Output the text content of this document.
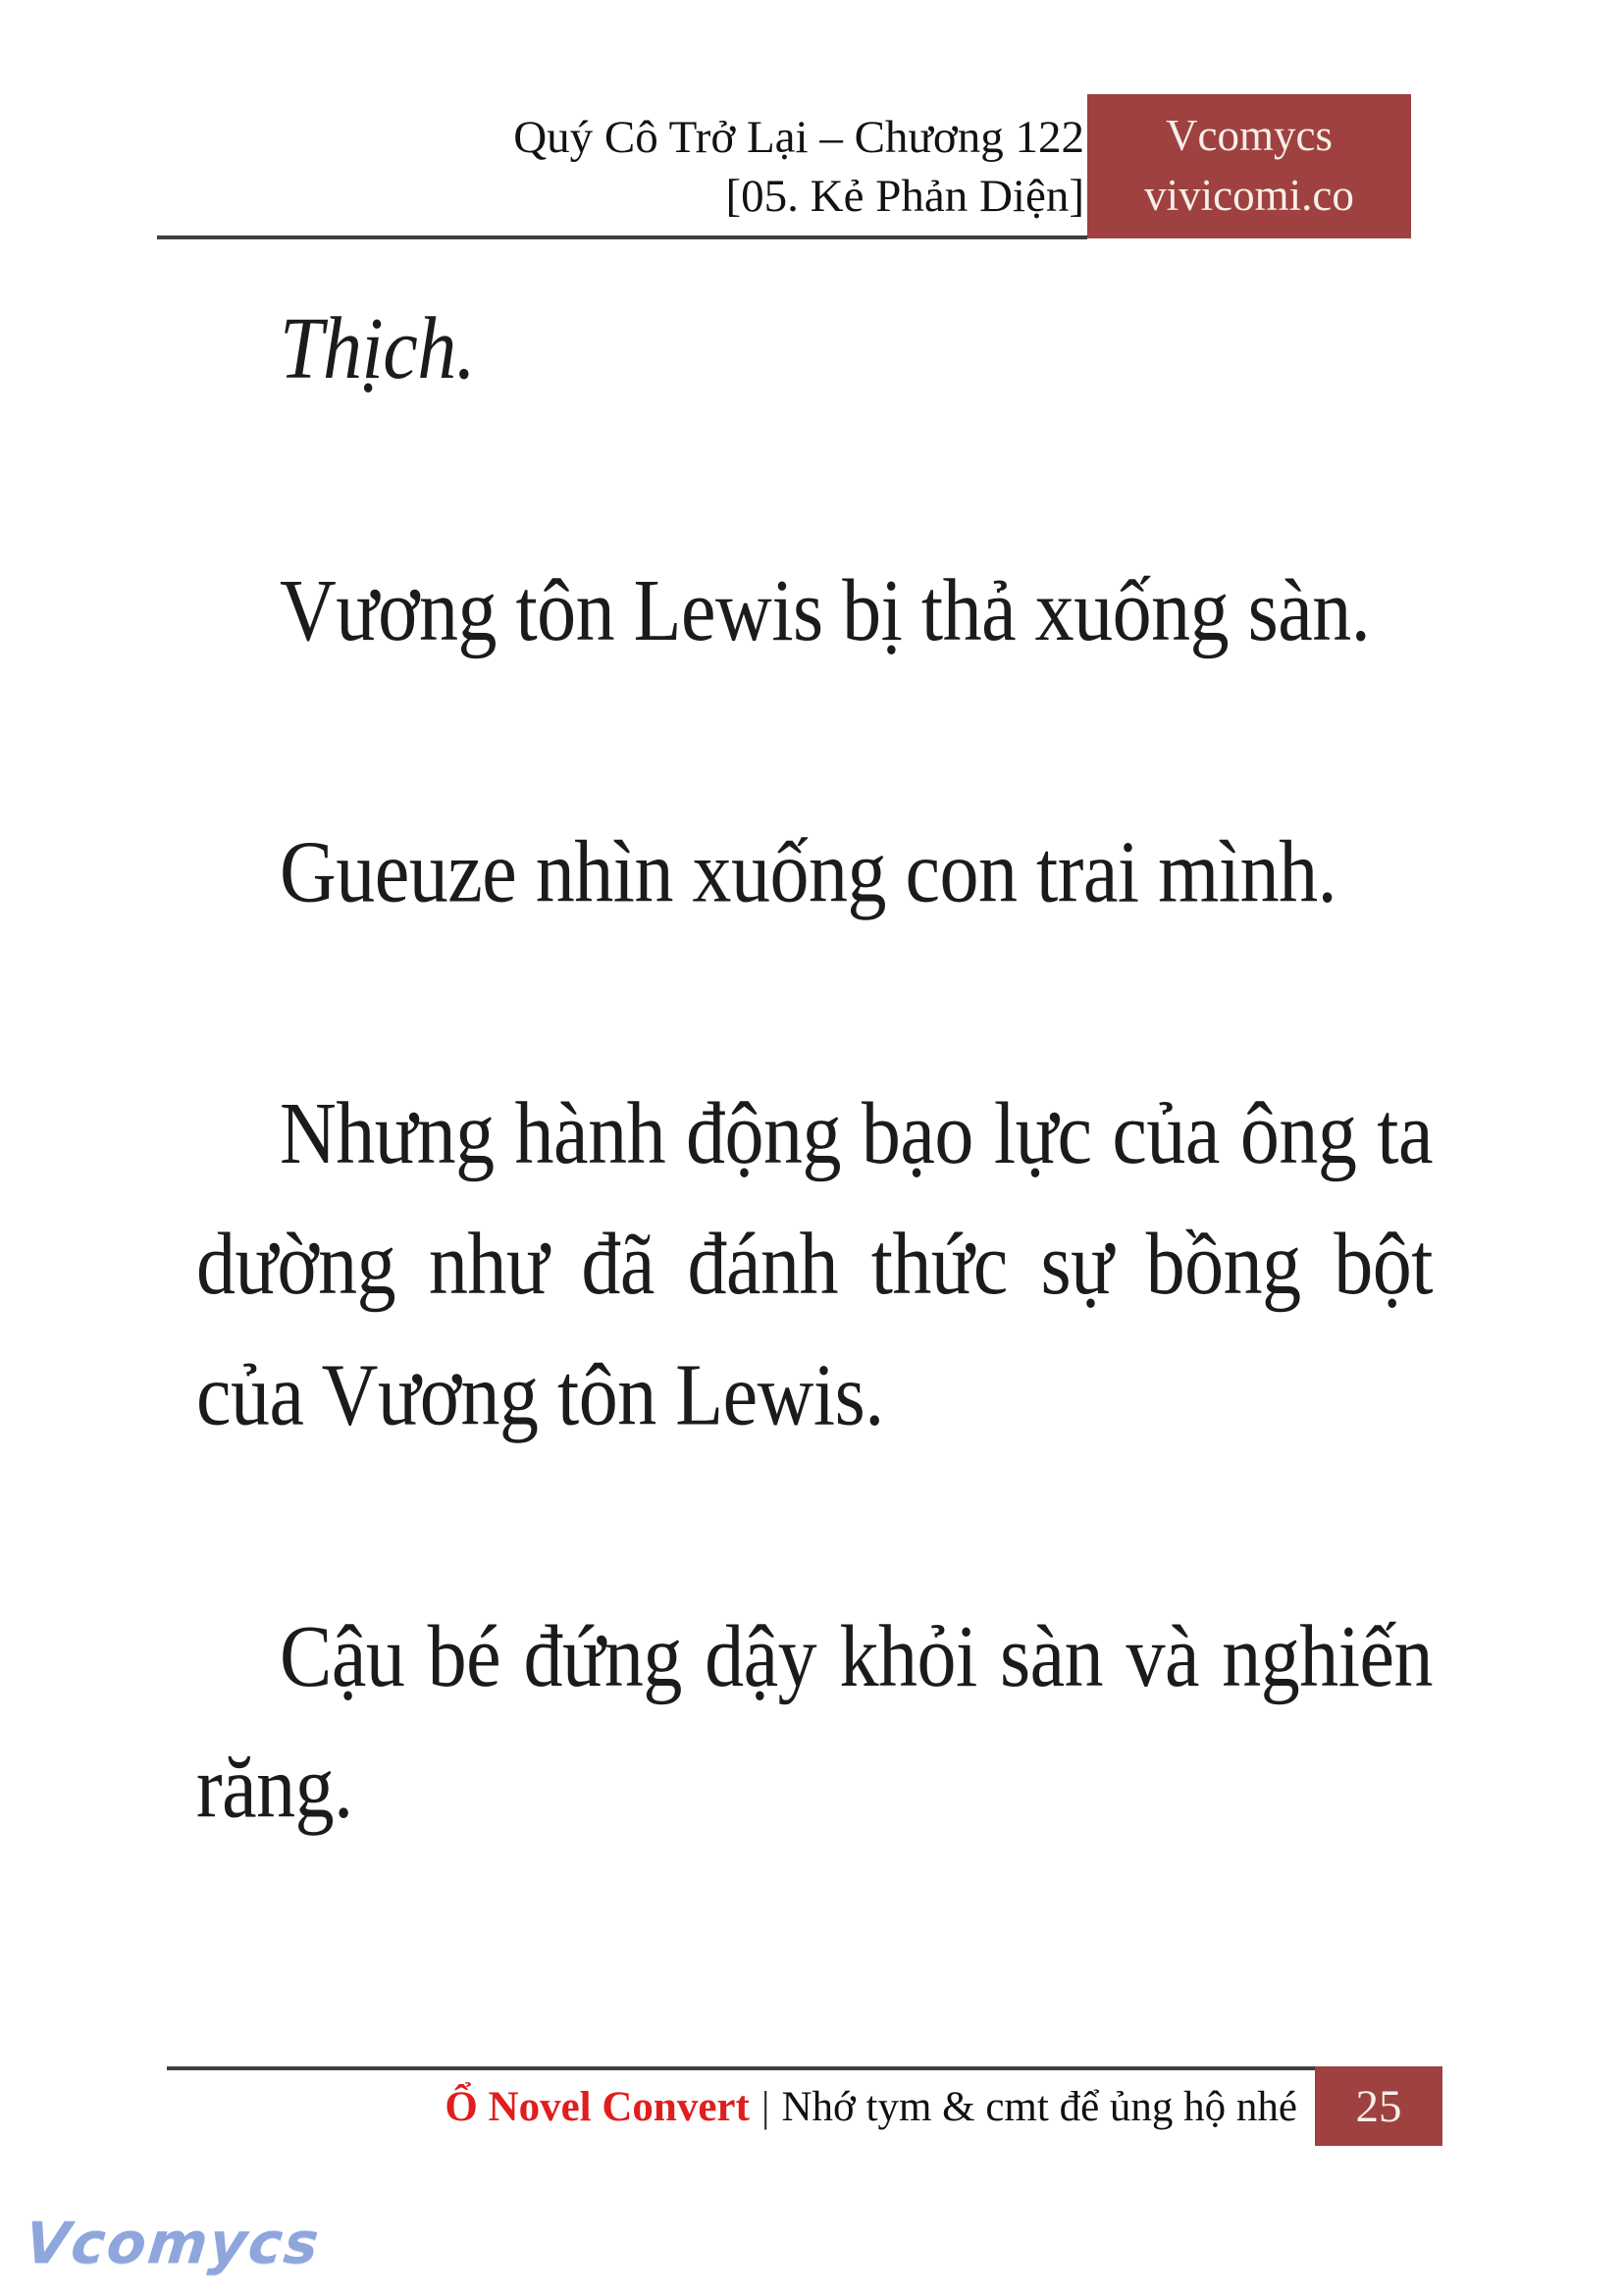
Quý Cô Trở Lại – Chương 122
[05. Kẻ Phản Diện]
Vcomycs
vivicomi.co

Thịch.

Vương tôn Lewis bị thả xuống sàn.

Gueuze nhìn xuống con trai mình.

Nhưng hành động bạo lực của ông ta dường như đã đánh thức sự bồng bột của Vương tôn Lewis.

Cậu bé đứng dậy khỏi sàn và nghiến răng.

Ổ Novel Convert | Nhớ tym & cmt để ủng hộ nhé 25
Vcomycs
